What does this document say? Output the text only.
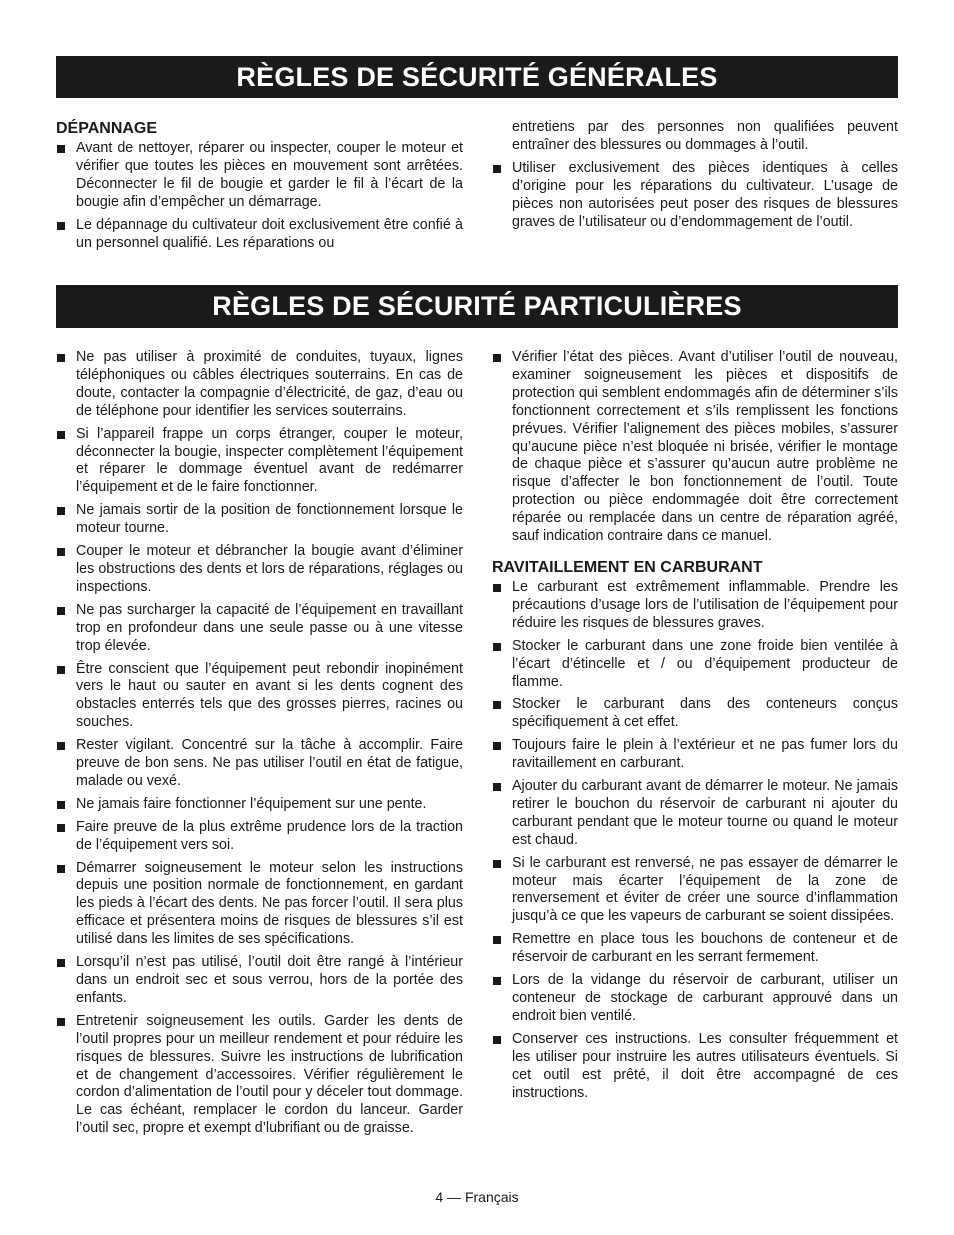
RÈGLES DE SÉCURITÉ GÉNÉRALES
DÉPANNAGE
Avant de nettoyer, réparer ou inspecter, couper le moteur et vérifier que toutes les pièces en mouvement sont arrêtées. Déconnecter le fil de bougie et garder le fil à l’écart de la bougie afin d’empêcher un démarrage.
Le dépannage du cultivateur doit exclusivement être confié à un personnel qualifié. Les réparations ou
entretiens par des personnes non qualifiées peuvent entraîner des blessures ou dommages à l’outil.
Utiliser exclusivement des pièces identiques à celles d’origine pour les réparations du cultivateur. L’usage de pièces non autorisées peut poser des risques de blessures graves de l’utilisateur ou d’endommagement de l’outil.
RÈGLES DE SÉCURITÉ PARTICULIÈRES
Ne pas utiliser à proximité de conduites, tuyaux, lignes téléphoniques ou câbles électriques souterrains. En cas de doute, contacter la compagnie d’électricité, de gaz, d’eau ou de téléphone pour identifier les services souterrains.
Si l’appareil frappe un corps étranger, couper le moteur, déconnecter la bougie, inspecter complètement l’équipement et réparer le dommage éventuel avant de redémarrer l’équipement et de le faire fonctionner.
Ne jamais sortir de la position de fonctionnement lorsque le moteur tourne.
Couper le moteur et débrancher la bougie avant d’éliminer les obstructions des dents et lors de réparations, réglages ou inspections.
Ne pas surcharger la capacité de l’équipement en travaillant trop en profondeur dans une seule passe ou à une vitesse trop élevée.
Être conscient que l’équipement peut rebondir inopinément vers le haut ou sauter en avant si les dents cognent des obstacles enterrés tels que des grosses pierres, racines ou souches.
Rester vigilant. Concentré sur la tâche à accomplir. Faire preuve de bon sens. Ne pas utiliser l’outil en état de fatigue, malade ou vexé.
Ne jamais faire fonctionner l’équipement sur une pente.
Faire preuve de la plus extrême prudence lors de la traction de l’équipement vers soi.
Démarrer soigneusement le moteur selon les instructions depuis une position normale de fonctionnement, en gardant les pieds à l’écart des dents. Ne pas forcer l’outil. Il sera plus efficace et présentera moins de risques de blessures s’il est utilisé dans les limites de ses spécifications.
Lorsqu’il n’est pas utilisé, l’outil doit être rangé à l’intérieur dans un endroit sec et sous verrou, hors de la portée des enfants.
Entretenir soigneusement les outils. Garder les dents de l’outil propres pour un meilleur rendement et pour réduire les risques de blessures. Suivre les instructions de lubrification et de changement d’accessoires. Vérifier régulièrement le cordon d’alimentation de l’outil pour y déceler tout dommage. Le cas échéant, remplacer le cordon du lanceur. Garder l’outil sec, propre et exempt d’lubrifiant ou de graisse.
Vérifier l’état des pièces. Avant d’utiliser l’outil de nouveau, examiner soigneusement les pièces et dispositifs de protection qui semblent endommagés afin de déterminer s’ils fonctionnent correctement et s’ils remplissent les fonctions prévues. Vérifier l’alignement des pièces mobiles, s’assurer qu’aucune pièce n’est bloquée ni brisée, vérifier le montage de chaque pièce et s’assurer qu’aucun autre problème ne risque d’affecter le bon fonctionnement de l’outil. Toute protection ou pièce endommagée doit être correctement réparée ou remplacée dans un centre de réparation agréé, sauf indication contraire dans ce manuel.
RAVITAILLEMENT EN CARBURANT
Le carburant est extrêmement inflammable. Prendre les précautions d’usage lors de l’utilisation de l’équipement pour réduire les risques de blessures graves.
Stocker le carburant dans une zone froide bien ventilée à l’écart d’étincelle et / ou d’équipement producteur de flamme.
Stocker le carburant dans des conteneurs conçus spécifiquement à cet effet.
Toujours faire le plein à l’extérieur et ne pas fumer lors du ravitaillement en carburant.
Ajouter du carburant avant de démarrer le moteur. Ne jamais retirer le bouchon du réservoir de carburant ni ajouter du carburant pendant que le moteur tourne ou quand le moteur est chaud.
Si le carburant est renversé, ne pas essayer de démarrer le moteur mais écarter l’équipement de la zone de renversement et éviter de créer une source d’inflammation jusqu’à ce que les vapeurs de carburant se soient dissipées.
Remettre en place tous les bouchons de conteneur et de réservoir de carburant en les serrant fermement.
Lors de la vidange du réservoir de carburant, utiliser un conteneur de stockage de carburant approuvé dans un endroit bien ventilé.
Conserver ces instructions. Les consulter fréquemment et les utiliser pour instruire les autres utilisateurs éventuels. Si cet outil est prêté, il doit être accompagné de ces instructions.
4 — Français
